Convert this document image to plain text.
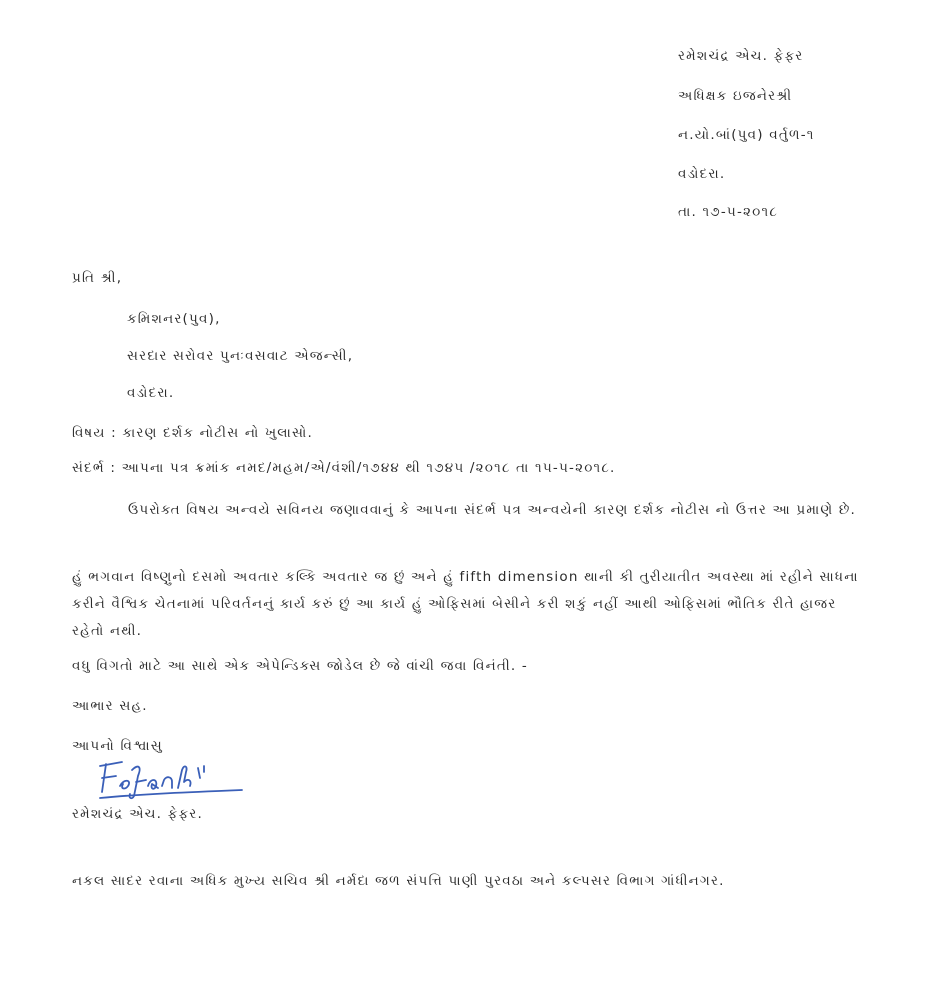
રમેશચંદ્ર એચ. ફેફર
અધિક્ષક ઇજનેરશ્રી
ન.યો.બાં(પુવ) વર્તુળ-૧
વડોદરા.
તા. ૧૭-૫-૨૦૧૮
પ્રતિ શ્રી,
કમિશનર(પુવ),
સરદાર સરોવર પુનઃવસવાટ એજન્સી,
વડોદરા.
વિષય : કારણ દર્શક નોટીસ નો ખુલાસો.
સંદર્ભ : આપના પત્ર ક્રમાંક નમદ/મહમ/એ/વંશી/૧૭૪૪ થી ૧૭૪૫ /૨૦૧૮ તા ૧૫-૫-૨૦૧૮.
ઉપરોક્ત વિષય અન્વયે સવિનય જણાવવાનું કે આપના સંદર્ભ પત્ર અન્વયેની કારણ દર્શક નોટીસ નો ઉત્તર આ પ્રમાણે છે.
હું ભગવાન વિષ્ણુનો દસમો અવતાર કલ્કિ અવતાર જ છું અને હું fifth dimension થાની કી તુરીયાતીત અવસ્થા માં રહીને સાધના કરીને વૈશ્વિક ચેતનામાં પરિવર્તનનું કાર્ય કરું છું આ કાર્ય હું ઓફિસમાં બેસીને કરી શકું નહીં આથી ઓફિસમાં ભૌતિક રીતે હાજર રહેતો નથી.
વધુ વિગતો માટે આ સાથે એક એપેન્ડિક્સ જોડેલ છે જે વાંચી જવા વિનંતી. -
આભાર સહ.
આપનો વિશ્વાસુ
રમેશચંદ્ર એચ. ફેફર.
નકલ સાદર રવાના અધિક મુખ્ય સચિવ શ્રી નર્મદા જળ સંપત્તિ પાણી પુરવઠા અને કલ્પસર વિભાગ ગાંધીનગર.
